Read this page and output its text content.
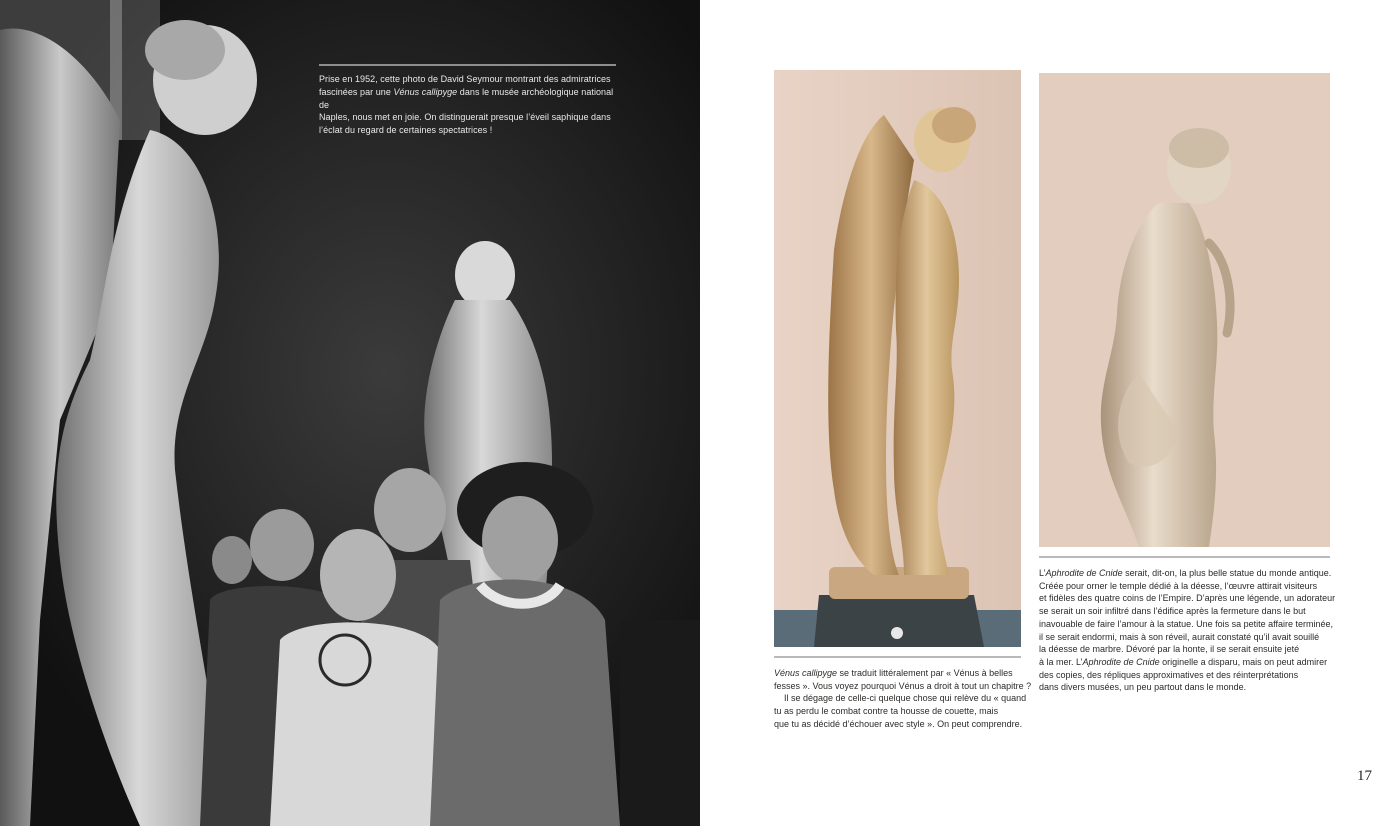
Prise en 1952, cette photo de David Seymour montrant des admiratrices
fascinées par une Vénus callipyge dans le musée archéologique national de
Naples, nous met en joie. On distinguerait presque l’éveil saphique dans
l’éclat du regard de certaines spectatrices !
Vénus callipyge se traduit littéralement par « Vénus à belles
fesses ». Vous voyez pourquoi Vénus a droit à tout un chapitre ?
Il se dégage de celle-ci quelque chose qui relève du « quand
tu as perdu le combat contre ta housse de couette, mais
que tu as décidé d’échouer avec style ». On peut comprendre.
L’Aphrodite de Cnide serait, dit-on, la plus belle statue du monde antique.
Créée pour orner le temple dédié à la déesse, l’œuvre attirait visiteurs
et fidèles des quatre coins de l’Empire. D’après une légende, un adorateur
se serait un soir infiltré dans l’édifice après la fermeture dans le but
inavouable de faire l’amour à la statue. Une fois sa petite affaire terminée,
il se serait endormi, mais à son réveil, aurait constaté qu’il avait souillé
la déesse de marbre. Dévoré par la honte, il se serait ensuite jeté
à la mer. L’Aphrodite de Cnide originelle a disparu, mais on peut admirer
des copies, des répliques approximatives et des réinterprétations
dans divers musées, un peu partout dans le monde.
17
